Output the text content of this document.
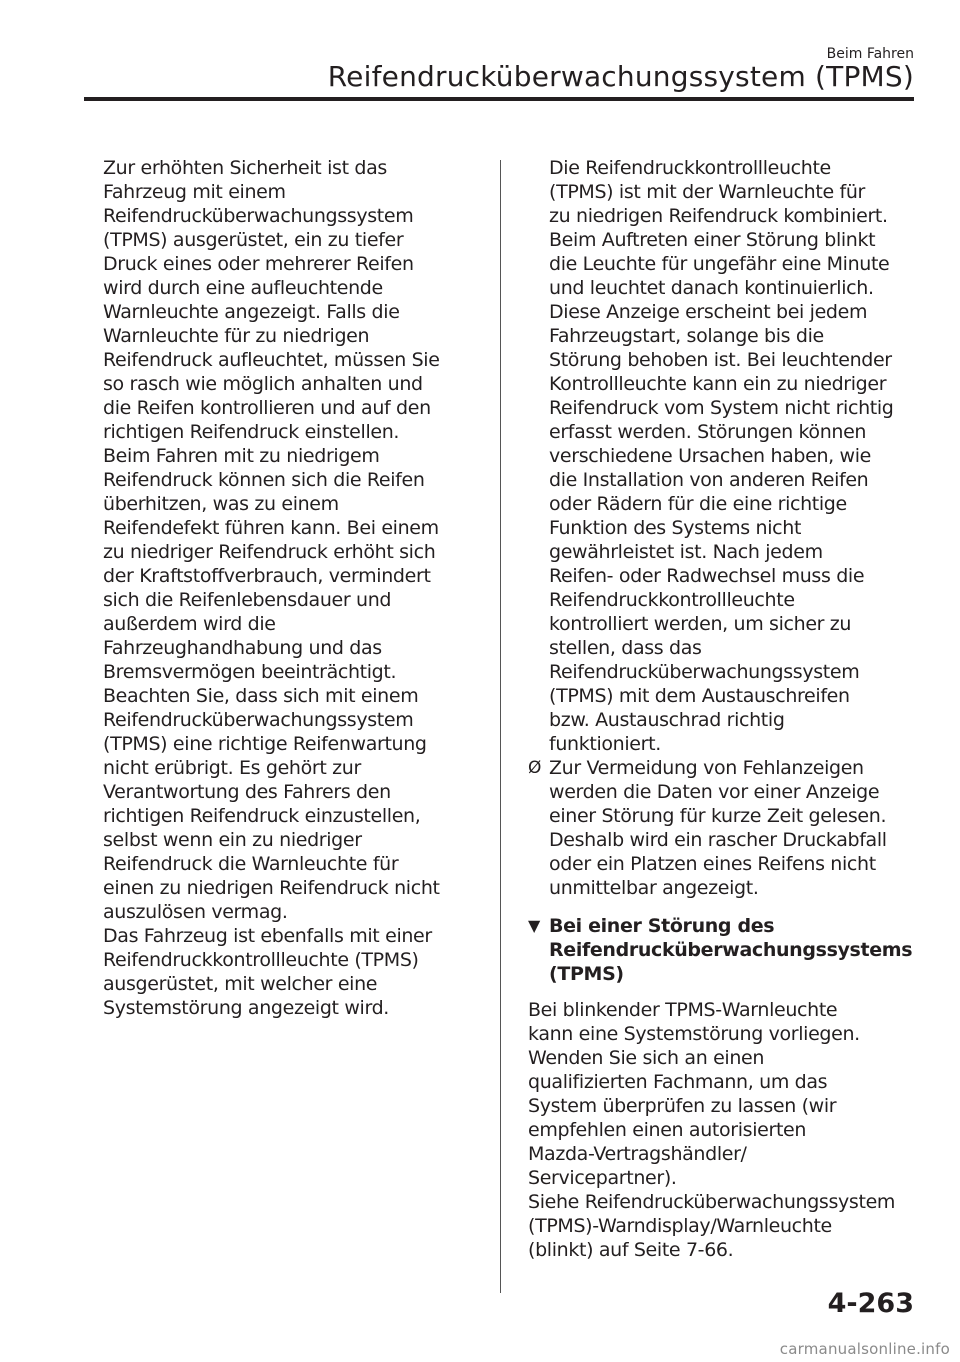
Beim Fahren
Reifendrucküberwachungssystem (TPMS)

Zur erhöhten Sicherheit ist das
Fahrzeug mit einem
Reifendrucküberwachungssystem
(TPMS) ausgerüstet, ein zu tiefer
Druck eines oder mehrerer Reifen
wird durch eine aufleuchtende
Warnleuchte angezeigt. Falls die
Warnleuchte für zu niedrigen
Reifendruck aufleuchtet, müssen Sie
so rasch wie möglich anhalten und
die Reifen kontrollieren und auf den
richtigen Reifendruck einstellen.
Beim Fahren mit zu niedrigem
Reifendruck können sich die Reifen
überhitzen, was zu einem
Reifendefekt führen kann. Bei einem
zu niedriger Reifendruck erhöht sich
der Kraftstoffverbrauch, vermindert
sich die Reifenlebensdauer und
außerdem wird die
Fahrzeughandhabung und das
Bremsvermögen beeinträchtigt.
Beachten Sie, dass sich mit einem
Reifendrucküberwachungssystem
(TPMS) eine richtige Reifenwartung
nicht erübrigt. Es gehört zur
Verantwortung des Fahrers den
richtigen Reifendruck einzustellen,
selbst wenn ein zu niedriger
Reifendruck die Warnleuchte für
einen zu niedrigen Reifendruck nicht
auszulösen vermag.

Das Fahrzeug ist ebenfalls mit einer
Reifendruckkontrollleuchte (TPMS)
ausgerüstet, mit welcher eine
Systemstörung angezeigt wird.

Die Reifendruckkontrollleuchte
(TPMS) ist mit der Warnleuchte für
zu niedrigen Reifendruck kombiniert.
Beim Auftreten einer Störung blinkt
die Leuchte für ungefähr eine Minute
und leuchtet danach kontinuierlich.
Diese Anzeige erscheint bei jedem
Fahrzeugstart, solange bis die
Störung behoben ist. Bei leuchtender
Kontrollleuchte kann ein zu niedriger
Reifendruck vom System nicht richtig
erfasst werden. Störungen können
verschiedene Ursachen haben, wie
die Installation von anderen Reifen
oder Rädern für die eine richtige
Funktion des Systems nicht
gewährleistet ist. Nach jedem
Reifen- oder Radwechsel muss die
Reifendruckkontrollleuchte
kontrolliert werden, um sicher zu
stellen, dass das
Reifendrucküberwachungssystem
(TPMS) mit dem Austauschreifen
bzw. Austauschrad richtig
funktioniert.

Ø Zur Vermeidung von Fehlanzeigen
werden die Daten vor einer Anzeige
einer Störung für kurze Zeit gelesen.
Deshalb wird ein rascher Druckabfall
oder ein Platzen eines Reifens nicht
unmittelbar angezeigt.
▼ Bei einer Störung des
Reifendrucküberwachungssystems
(TPMS)

Bei blinkender TPMS‑Warnleuchte
kann eine Systemstörung vorliegen.
Wenden Sie sich an einen
qualifizierten Fachmann, um das
System überprüfen zu lassen (wir
empfehlen einen autorisierten
Mazda-Vertragshändler/
Servicepartner).

Siehe Reifendrucküberwachungssystem
(TPMS)-Warndisplay/Warnleuchte
(blinkt) auf Seite 7-66.

4-263
carmanualsonline.info
